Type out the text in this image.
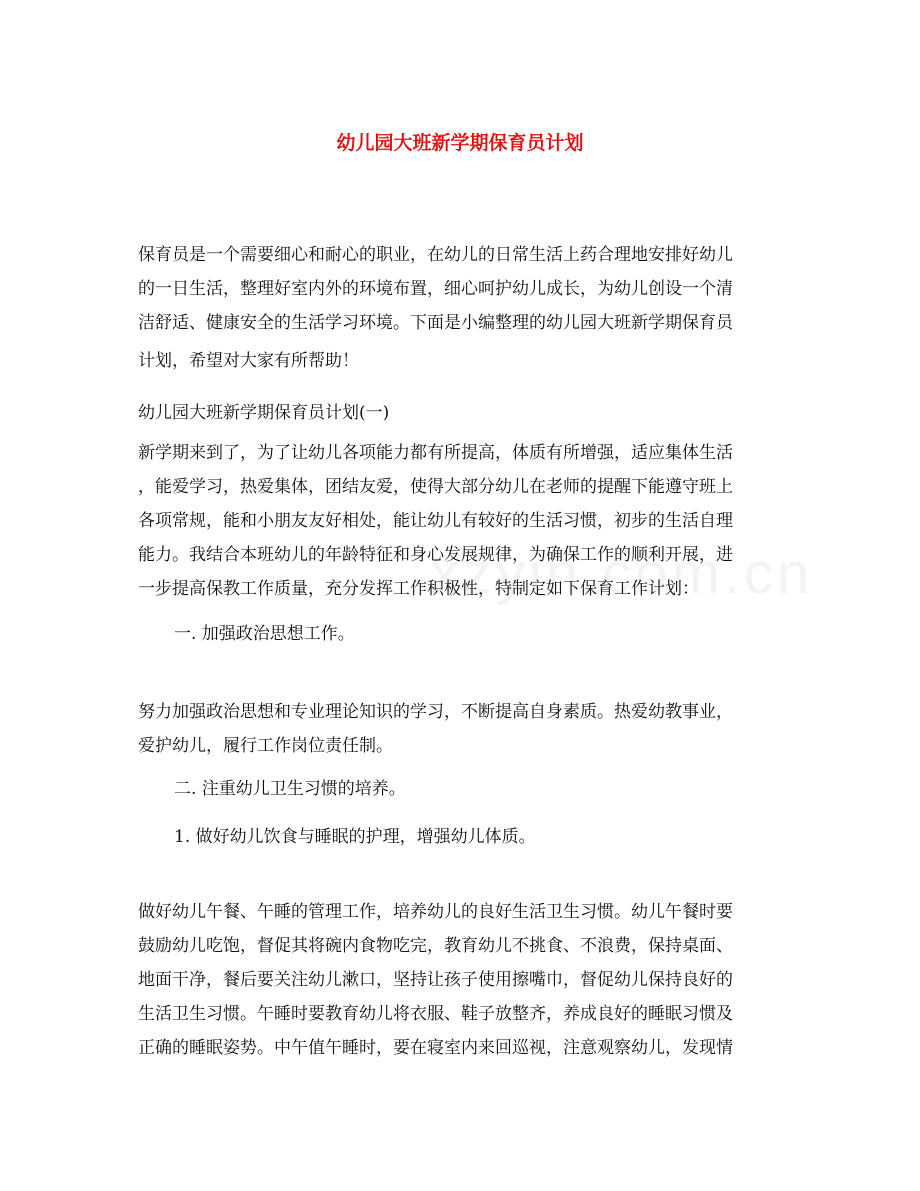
幼儿园大班新学期保育员计划
保育员是一个需要细心和耐心的职业，在幼儿的日常生活上药合理地安排好幼儿
的一日生活，整理好室内外的环境布置，细心呵护幼儿成长，为幼儿创设一个清
洁舒适、健康安全的生活学习环境。下面是小编整理的幼儿园大班新学期保育员
计划，希望对大家有所帮助！
幼儿园大班新学期保育员计划(一)
新学期来到了，为了让幼儿各项能力都有所提高，体质有所增强，适应集体生活
，能爱学习，热爱集体，团结友爱，使得大部分幼儿在老师的提醒下能遵守班上
各项常规，能和小朋友友好相处，能让幼儿有较好的生活习惯，初步的生活自理
能力。我结合本班幼儿的年龄特征和身心发展规律，为确保工作的顺利开展，进
一步提高保教工作质量，充分发挥工作积极性，特制定如下保育工作计划：
一. 加强政治思想工作。
努力加强政治思想和专业理论知识的学习，不断提高自身素质。热爱幼教事业，
爱护幼儿，履行工作岗位责任制。
二. 注重幼儿卫生习惯的培养。
1. 做好幼儿饮食与睡眠的护理，增强幼儿体质。
做好幼儿午餐、午睡的管理工作，培养幼儿的良好生活卫生习惯。幼儿午餐时要
鼓励幼儿吃饱，督促其将碗内食物吃完，教育幼儿不挑食、不浪费，保持桌面、
地面干净，餐后要关注幼儿漱口，坚持让孩子使用擦嘴巾，督促幼儿保持良好的
生活卫生习惯。午睡时要教育幼儿将衣服、鞋子放整齐，养成良好的睡眠习惯及
正确的睡眠姿势。中午值午睡时，要在寝室内来回巡视，注意观察幼儿，发现情
